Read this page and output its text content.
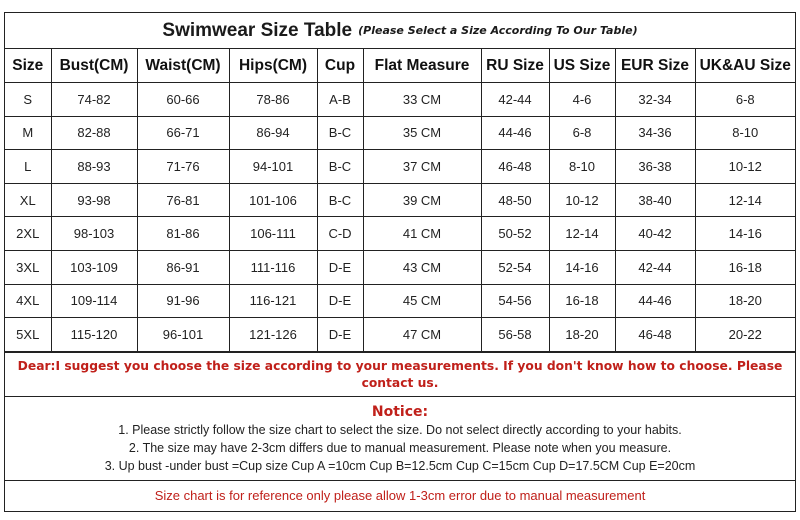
Swimwear Size Table (Please Select a Size According To Our Table)
Size	Bust(CM)	Waist(CM)	Hips(CM)	Cup	Flat Measure	RU Size	US Size	EUR Size	UK&AU Size
S	74-82	60-66	78-86	A-B	33 CM	42-44	4-6	32-34	6-8
M	82-88	66-71	86-94	B-C	35 CM	44-46	6-8	34-36	8-10
L	88-93	71-76	94-101	B-C	37 CM	46-48	8-10	36-38	10-12
XL	93-98	76-81	101-106	B-C	39 CM	48-50	10-12	38-40	12-14
2XL	98-103	81-86	106-111	C-D	41 CM	50-52	12-14	40-42	14-16
3XL	103-109	86-91	111-116	D-E	43 CM	52-54	14-16	42-44	16-18
4XL	109-114	91-96	116-121	D-E	45 CM	54-56	16-18	44-46	18-20
5XL	115-120	96-101	121-126	D-E	47 CM	56-58	18-20	46-48	20-22
Dear:I suggest you choose the size according to your measurements. If you don't know how to choose. Please contact us.
Notice:
1. Please strictly follow the size chart to select the size. Do not select directly according to your habits.
2. The size may have 2-3cm differs due to manual measurement. Please note when you measure.
3. Up bust -under bust =Cup size Cup A =10cm Cup B=12.5cm Cup C=15cm Cup D=17.5CM Cup E=20cm
Size chart is for reference only please allow 1-3cm error due to manual measurement
